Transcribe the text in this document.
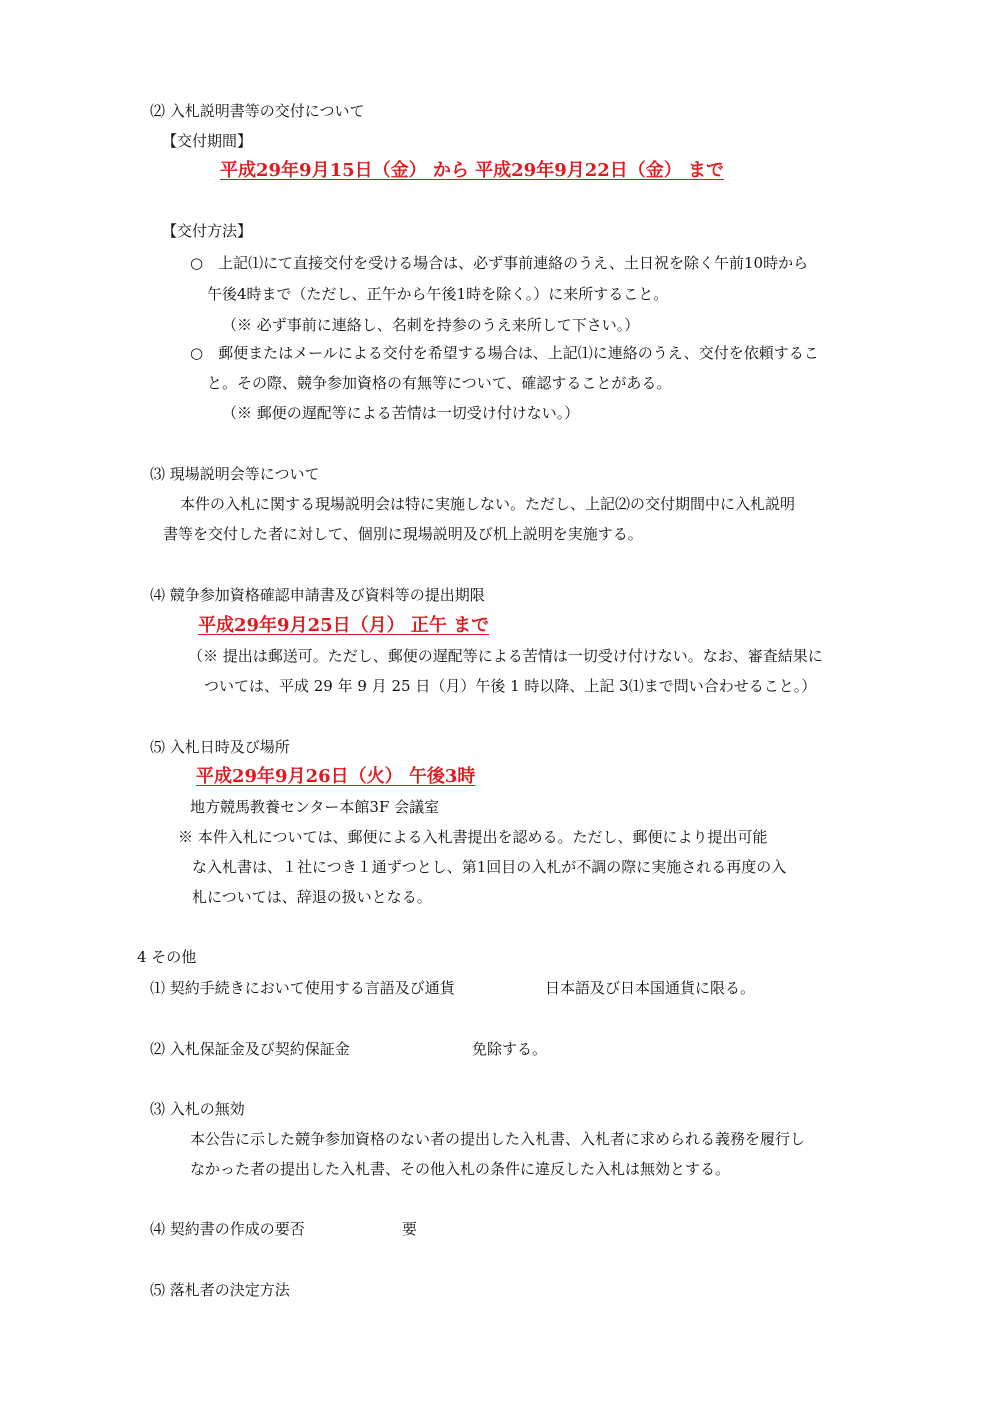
⑵ 入札説明書等の交付について
【交付期間】
平成29年9月15日（金） から 平成29年9月22日（金） まで
【交付方法】
○　上記⑴にて直接交付を受ける場合は、必ず事前連絡のうえ、土日祝を除く午前10時から
午後4時まで（ただし、正午から午後1時を除く。）に来所すること。
（※ 必ず事前に連絡し、名刺を持参のうえ来所して下さい。）
○　郵便またはメールによる交付を希望する場合は、上記⑴に連絡のうえ、交付を依頼するこ
と。その際、競争参加資格の有無等について、確認することがある。
（※ 郵便の遅配等による苦情は一切受け付けない。）
⑶ 現場説明会等について
本件の入札に関する現場説明会は特に実施しない。ただし、上記⑵の交付期間中に入札説明
書等を交付した者に対して、個別に現場説明及び机上説明を実施する。
⑷ 競争参加資格確認申請書及び資料等の提出期限
平成29年9月25日（月） 正午 まで
（※ 提出は郵送可。ただし、郵便の遅配等による苦情は一切受け付けない。なお、審査結果に
ついては、平成 29 年 9 月 25 日（月）午後 1 時以降、上記 3⑴まで問い合わせること。）
⑸ 入札日時及び場所
平成29年9月26日（火） 午後3時
地方競馬教養センター本館3F 会議室
※ 本件入札については、郵便による入札書提出を認める。ただし、郵便により提出可能
な入札書は、１社につき１通ずつとし、第1回目の入札が不調の際に実施される再度の入
札については、辞退の扱いとなる。
4 その他
⑴ 契約手続きにおいて使用する言語及び通貨	日本語及び日本国通貨に限る。
⑵ 入札保証金及び契約保証金	免除する。
⑶ 入札の無効
本公告に示した競争参加資格のない者の提出した入札書、入札者に求められる義務を履行し
なかった者の提出した入札書、その他入札の条件に違反した入札は無効とする。
⑷ 契約書の作成の要否	要
⑸ 落札者の決定方法
